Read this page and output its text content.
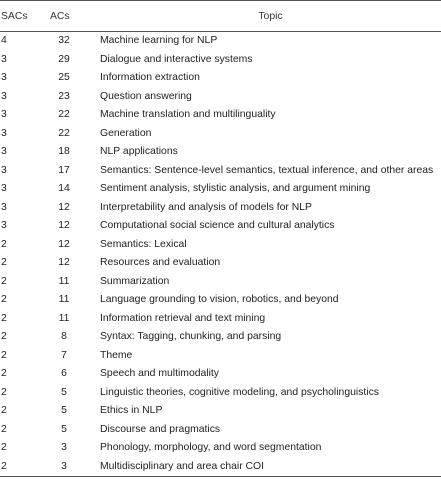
SACs	ACs	Topic
4	32	Machine learning for NLP
3	29	Dialogue and interactive systems
3	25	Information extraction
3	23	Question answering
3	22	Machine translation and multilinguality
3	22	Generation
3	18	NLP applications
3	17	Semantics: Sentence-level semantics, textual inference, and other areas
3	14	Sentiment analysis, stylistic analysis, and argument mining
3	12	Interpretability and analysis of models for NLP
3	12	Computational social science and cultural analytics
2	12	Semantics: Lexical
2	12	Resources and evaluation
2	11	Summarization
2	11	Language grounding to vision, robotics, and beyond
2	11	Information retrieval and text mining
2	8	Syntax: Tagging, chunking, and parsing
2	7	Theme
2	6	Speech and multimodality
2	5	Linguistic theories, cognitive modeling, and psycholinguistics
2	5	Ethics in NLP
2	5	Discourse and pragmatics
2	3	Phonology, morphology, and word segmentation
2	3	Multidisciplinary and area chair COI
